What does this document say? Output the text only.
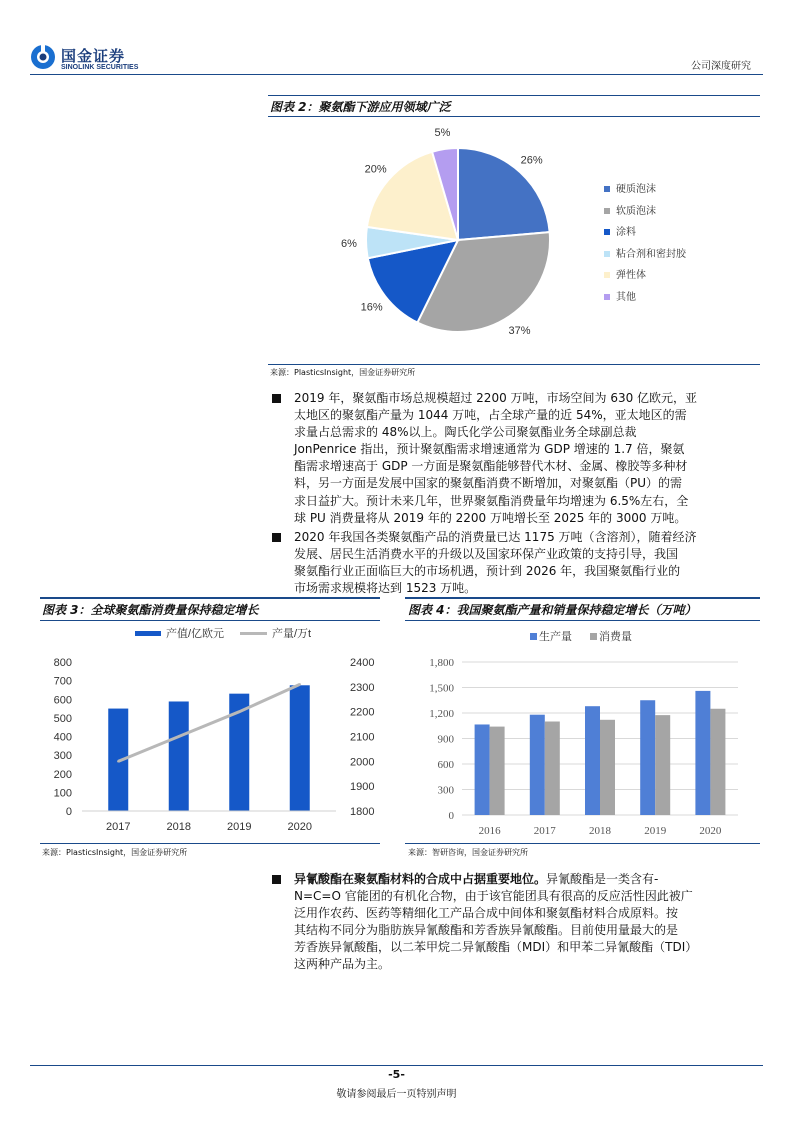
国金证券
SINOLINK SECURITIES	公司深度研究
图表 2：聚氨酯下游应用领域广泛
26%
37%
16%
6%
20%
5%
硬质泡沫
软质泡沫
涂料
粘合剂和密封胶
弹性体
其他
来源：PlasticsInsight，国金证券研究所
2019 年，聚氨酯市场总规模超过 2200 万吨，市场空间为 630 亿欧元，亚
太地区的聚氨酯产量为 1044 万吨，占全球产量的近 54%，亚太地区的需
求量占总需求的 48%以上。陶氏化学公司聚氨酯业务全球副总裁
JonPenrice 指出，预计聚氨酯需求增速通常为 GDP 增速的 1.7 倍，聚氨
酯需求增速高于 GDP 一方面是聚氨酯能够替代木材、金属、橡胶等多种材
料，另一方面是发展中国家的聚氨酯消费不断增加，对聚氨酯（PU）的需
求日益扩大。预计未来几年，世界聚氨酯消费量年均增速为 6.5%左右，全
球 PU 消费量将从 2019 年的 2200 万吨增长至 2025 年的 3000 万吨。
2020 年我国各类聚氨酯产品的消费量已达 1175 万吨（含溶剂），随着经济
发展、居民生活消费水平的升级以及国家环保产业政策的支持引导，我国
聚氨酯行业正面临巨大的市场机遇，预计到 2026 年，我国聚氨酯行业的
市场需求规模将达到 1523 万吨。
图表 3：全球聚氨酯消费量保持稳定增长
产值/亿欧元	产量/万t
0
100
200
300
400
500
600
700
800
1800
1900
2000
2100
2200
2300
2400
2017	2018	2019	2020
来源：PlasticsInsight，国金证券研究所
图表 4：我国聚氨酯产量和销量保持稳定增长（万吨）
生产量 消费量
0
300
600
900
1,200
1,500
1,800
2016	2017	2018	2019	2020
来源：智研咨询，国金证券研究所
异氰酸酯在聚氨酯材料的合成中占据重要地位。异氰酸酯是一类含有-
N=C=O 官能团的有机化合物，由于该官能团具有很高的反应活性因此被广
泛用作农药、医药等精细化工产品合成中间体和聚氨酯材料合成原料。按
其结构不同分为脂肪族异氰酸酯和芳香族异氰酸酯。目前使用量最大的是
芳香族异氰酸酯，以二苯甲烷二异氰酸酯（MDI）和甲苯二异氰酸酯（TDI）
这两种产品为主。
-5-
敬请参阅最后一页特别声明
